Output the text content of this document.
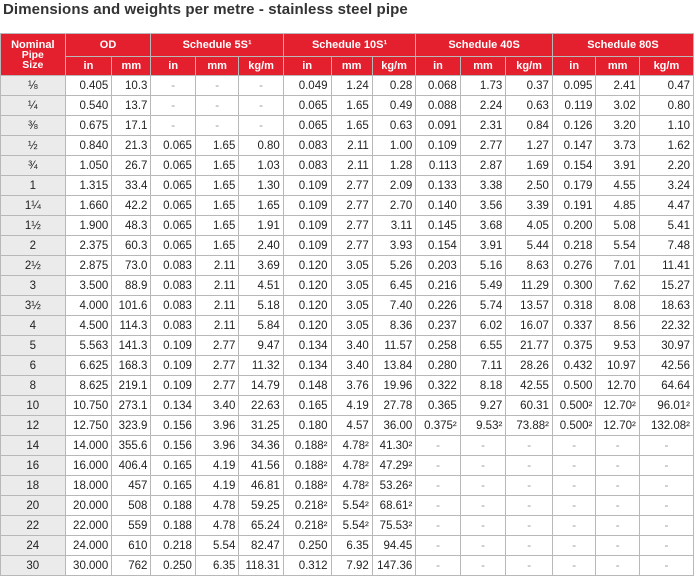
Dimensions and weights per metre - stainless steel pipe
Nominal
Pipe
Size	OD		Schedule 5S¹			Schedule 10S¹			Schedule 40S			Schedule 80S		
	in	mm	in	mm	kg/m	in	mm	kg/m	in	mm	kg/m	in	mm	kg/m
⅛	0.405	10.3	-	-	-	0.049	1.24	0.28	0.068	1.73	0.37	0.095	2.41	0.47
¼	0.540	13.7	-	-	-	0.065	1.65	0.49	0.088	2.24	0.63	0.119	3.02	0.80
⅜	0.675	17.1	-	-	-	0.065	1.65	0.63	0.091	2.31	0.84	0.126	3.20	1.10
½	0.840	21.3	0.065	1.65	0.80	0.083	2.11	1.00	0.109	2.77	1.27	0.147	3.73	1.62
¾	1.050	26.7	0.065	1.65	1.03	0.083	2.11	1.28	0.113	2.87	1.69	0.154	3.91	2.20
1	1.315	33.4	0.065	1.65	1.30	0.109	2.77	2.09	0.133	3.38	2.50	0.179	4.55	3.24
1¼	1.660	42.2	0.065	1.65	1.65	0.109	2.77	2.70	0.140	3.56	3.39	0.191	4.85	4.47
1½	1.900	48.3	0.065	1.65	1.91	0.109	2.77	3.11	0.145	3.68	4.05	0.200	5.08	5.41
2	2.375	60.3	0.065	1.65	2.40	0.109	2.77	3.93	0.154	3.91	5.44	0.218	5.54	7.48
2½	2.875	73.0	0.083	2.11	3.69	0.120	3.05	5.26	0.203	5.16	8.63	0.276	7.01	11.41
3	3.500	88.9	0.083	2.11	4.51	0.120	3.05	6.45	0.216	5.49	11.29	0.300	7.62	15.27
3½	4.000	101.6	0.083	2.11	5.18	0.120	3.05	7.40	0.226	5.74	13.57	0.318	8.08	18.63
4	4.500	114.3	0.083	2.11	5.84	0.120	3.05	8.36	0.237	6.02	16.07	0.337	8.56	22.32
5	5.563	141.3	0.109	2.77	9.47	0.134	3.40	11.57	0.258	6.55	21.77	0.375	9.53	30.97
6	6.625	168.3	0.109	2.77	11.32	0.134	3.40	13.84	0.280	7.11	28.26	0.432	10.97	42.56
8	8.625	219.1	0.109	2.77	14.79	0.148	3.76	19.96	0.322	8.18	42.55	0.500	12.70	64.64
10	10.750	273.1	0.134	3.40	22.63	0.165	4.19	27.78	0.365	9.27	60.31	0.500²	12.70²	96.01²
12	12.750	323.9	0.156	3.96	31.25	0.180	4.57	36.00	0.375²	9.53²	73.88²	0.500²	12.70²	132.08²
14	14.000	355.6	0.156	3.96	34.36	0.188²	4.78²	41.30²	-	-	-	-	-	-
16	16.000	406.4	0.165	4.19	41.56	0.188²	4.78²	47.29²	-	-	-	-	-	-
18	18.000	457	0.165	4.19	46.81	0.188²	4.78²	53.26²	-	-	-	-	-	-
20	20.000	508	0.188	4.78	59.25	0.218²	5.54²	68.61²	-	-	-	-	-	-
22	22.000	559	0.188	4.78	65.24	0.218²	5.54²	75.53²	-	-	-	-	-	-
24	24.000	610	0.218	5.54	82.47	0.250	6.35	94.45	-	-	-	-	-	-
30	30.000	762	0.250	6.35	118.31	0.312	7.92	147.36	-	-	-	-	-	-
